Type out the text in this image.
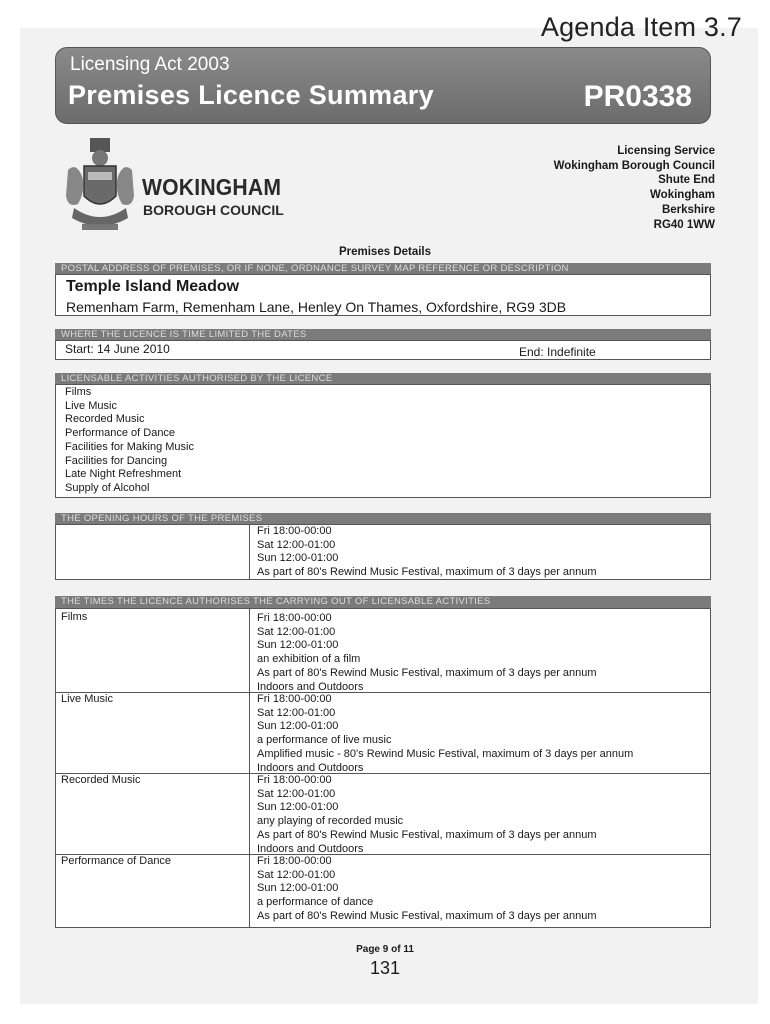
Agenda Item 3.7
Licensing Act 2003
Premises Licence Summary	PR0338
WOKINGHAM
BOROUGH COUNCIL
Licensing Service
Wokingham Borough Council
Shute End
Wokingham
Berkshire
RG40 1WW
Premises Details
POSTAL ADDRESS OF PREMISES, OR IF NONE, ORDNANCE SURVEY MAP REFERENCE OR DESCRIPTION
Temple Island Meadow
Remenham Farm, Remenham Lane, Henley On Thames, Oxfordshire, RG9 3DB
WHERE THE LICENCE IS TIME LIMITED THE DATES
Start: 14 June 2010	End: Indefinite
LICENSABLE ACTIVITIES AUTHORISED BY THE LICENCE
Films
Live Music
Recorded Music
Performance of Dance
Facilities for Making Music
Facilities for Dancing
Late Night Refreshment
Supply of Alcohol
THE OPENING HOURS OF THE PREMISES
Fri 18:00-00:00
Sat 12:00-01:00
Sun 12:00-01:00
As part of 80's Rewind Music Festival, maximum of 3 days per annum
THE TIMES THE LICENCE AUTHORISES THE CARRYING OUT OF LICENSABLE ACTIVITIES
Films	Fri 18:00-00:00
Sat 12:00-01:00
Sun 12:00-01:00
an exhibition of a film
As part of 80's Rewind Music Festival, maximum of 3 days per annum
Indoors and Outdoors
Live Music	Fri 18:00-00:00
Sat 12:00-01:00
Sun 12:00-01:00
a performance of live music
Amplified music - 80's Rewind Music Festival, maximum of 3 days per annum
Indoors and Outdoors
Recorded Music	Fri 18:00-00:00
Sat 12:00-01:00
Sun 12:00-01:00
any playing of recorded music
As part of 80's Rewind Music Festival, maximum of 3 days per annum
Indoors and Outdoors
Performance of Dance	Fri 18:00-00:00
Sat 12:00-01:00
Sun 12:00-01:00
a performance of dance
As part of 80's Rewind Music Festival, maximum of 3 days per annum
Page 9 of 11
131
